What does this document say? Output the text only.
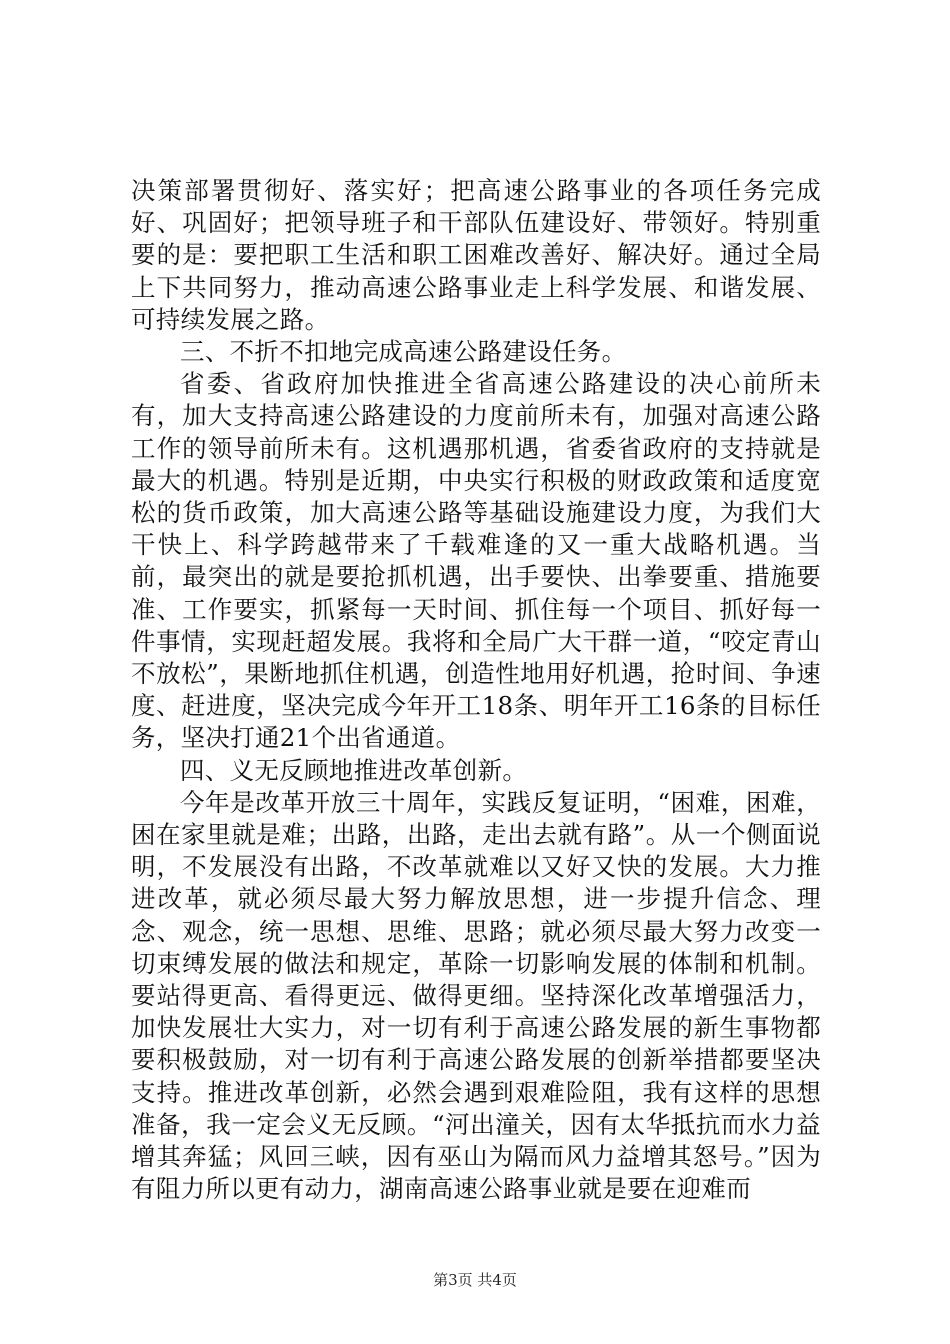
决策部署贯彻好、落实好；把高速公路事业的各项任务完成好、巩固好；把领导班子和干部队伍建设好、带领好。特别重要的是：要把职工生活和职工困难改善好、解决好。通过全局上下共同努力，推动高速公路事业走上科学发展、和谐发展、可持续发展之路。

三、不折不扣地完成高速公路建设任务。

省委、省政府加快推进全省高速公路建设的决心前所未有，加大支持高速公路建设的力度前所未有，加强对高速公路工作的领导前所未有。这机遇那机遇，省委省政府的支持就是最大的机遇。特别是近期，中央实行积极的财政政策和适度宽松的货币政策，加大高速公路等基础设施建设力度，为我们大干快上、科学跨越带来了千载难逢的又一重大战略机遇。当前，最突出的就是要抢抓机遇，出手要快、出拳要重、措施要准、工作要实，抓紧每一天时间、抓住每一个项目、抓好每一件事情，实现赶超发展。我将和全局广大干群一道，“咬定青山不放松”，果断地抓住机遇，创造性地用好机遇，抢时间、争速度、赶进度，坚决完成今年开工18条、明年开工16条的目标任务，坚决打通21个出省通道。

四、义无反顾地推进改革创新。

今年是改革开放三十周年，实践反复证明，“困难，困难，困在家里就是难；出路，出路，走出去就有路”。从一个侧面说明，不发展没有出路，不改革就难以又好又快的发展。大力推进改革，就必须尽最大努力解放思想，进一步提升信念、理念、观念，统一思想、思维、思路；就必须尽最大努力改变一切束缚发展的做法和规定，革除一切影响发展的体制和机制。要站得更高、看得更远、做得更细。坚持深化改革增强活力，加快发展壮大实力，对一切有利于高速公路发展的新生事物都要积极鼓励，对一切有利于高速公路发展的创新举措都要坚决支持。推进改革创新，必然会遇到艰难险阻，我有这样的思想准备，我一定会义无反顾。“河出潼关，因有太华抵抗而水力益增其奔猛；风回三峡，因有巫山为隔而风力益增其怒号。”因为有阻力所以更有动力，湖南高速公路事业就是要在迎难而

第3页 共4页
